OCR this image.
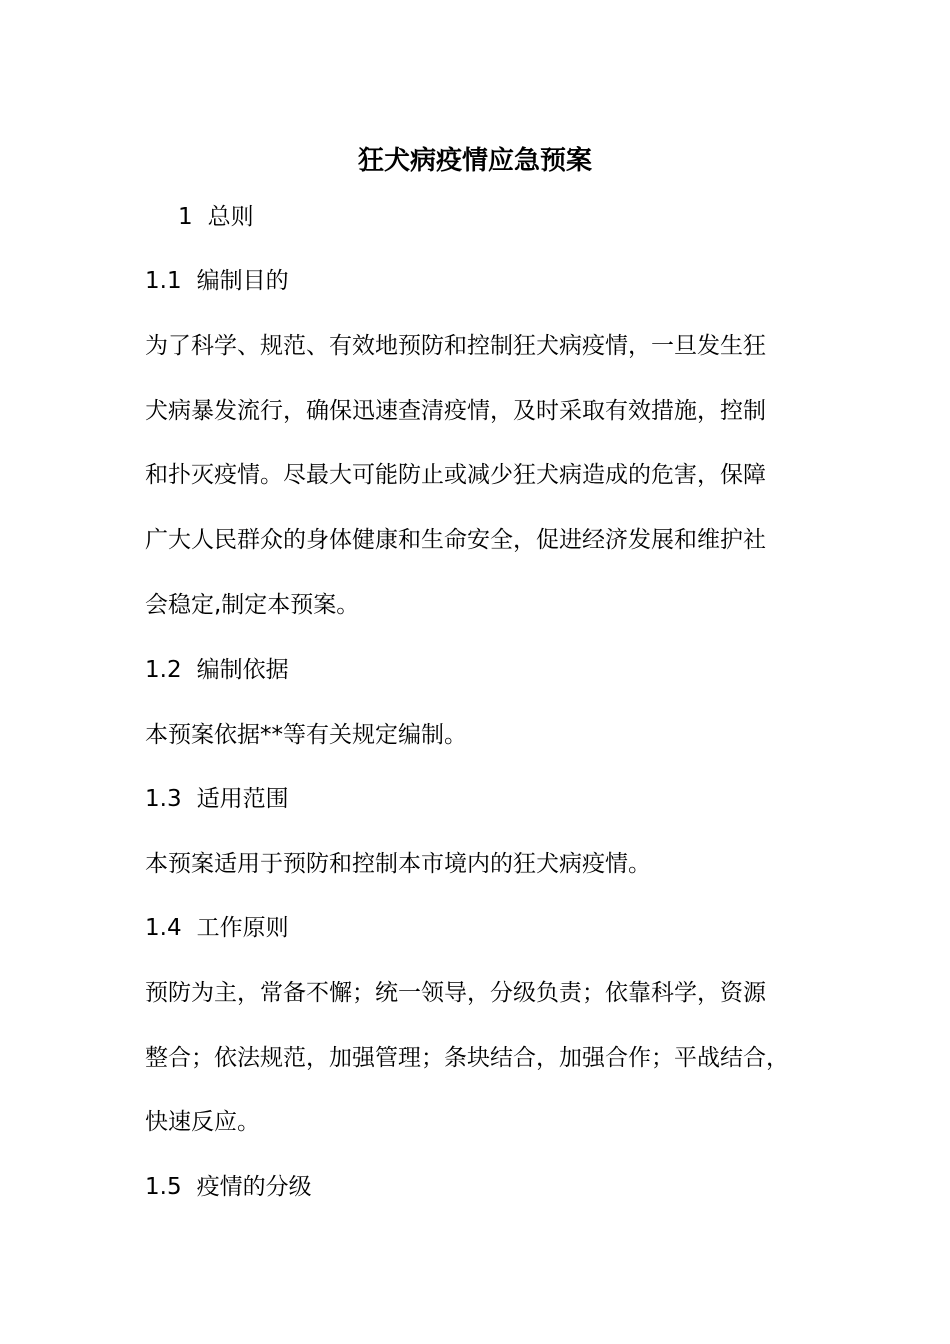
狂犬病疫情应急预案

1 总则

1.1 编制目的

为了科学、规范、有效地预防和控制狂犬病疫情，一旦发生狂
犬病暴发流行，确保迅速查清疫情，及时采取有效措施，控制
和扑灭疫情。尽最大可能防止或减少狂犬病造成的危害，保障
广大人民群众的身体健康和生命安全，促进经济发展和维护社
会稳定,制定本预案。

1.2 编制依据

本预案依据**等有关规定编制。

1.3 适用范围

本预案适用于预防和控制本市境内的狂犬病疫情。

1.4 工作原则

预防为主，常备不懈；统一领导，分级负责；依靠科学，资源
整合；依法规范，加强管理；条块结合，加强合作；平战结合，
快速反应。

1.5 疫情的分级
